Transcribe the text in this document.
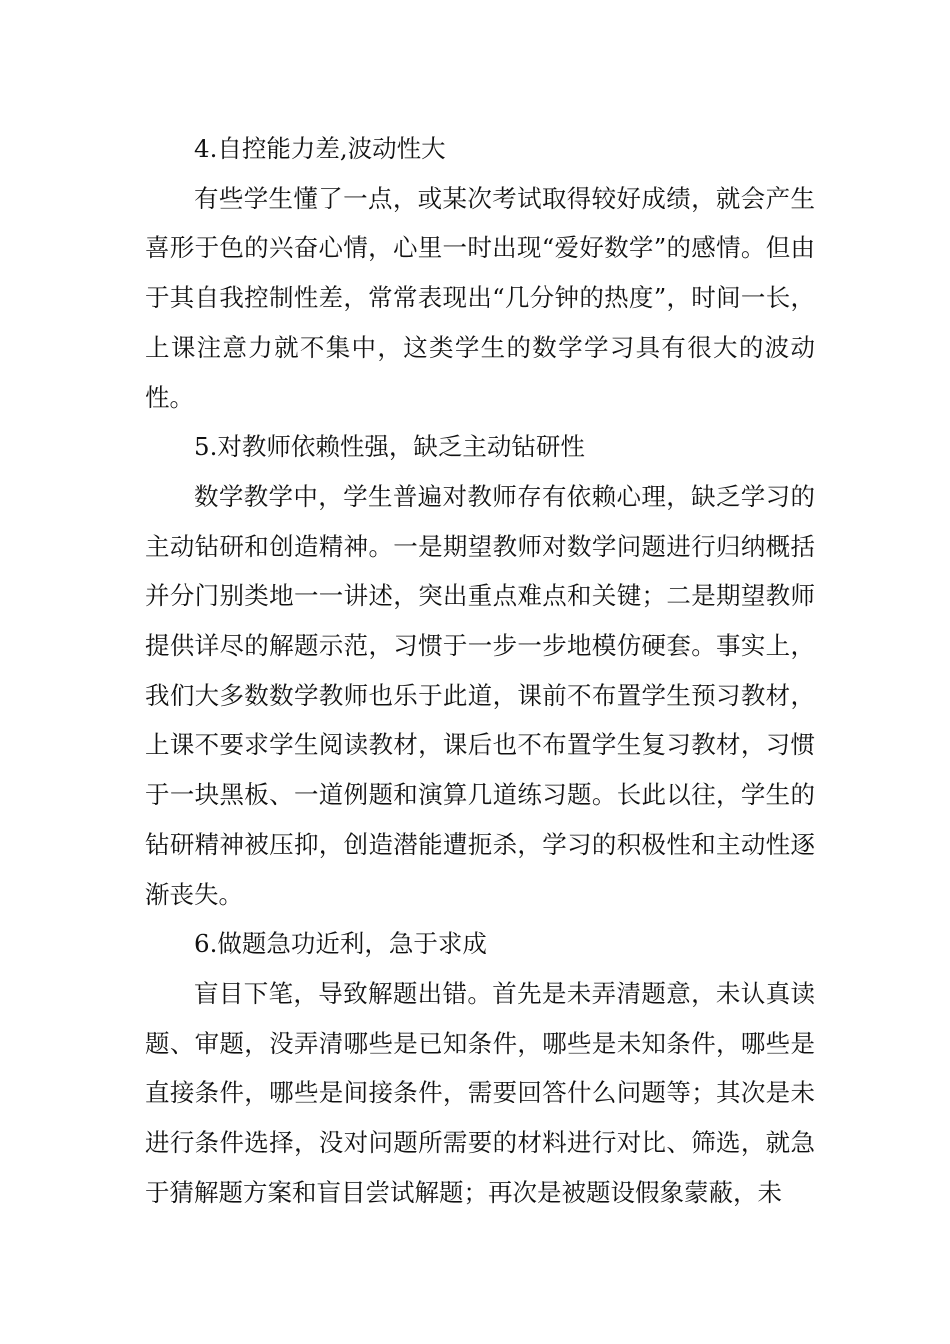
4.自控能力差,波动性大

有些学生懂了一点，或某次考试取得较好成绩，就会产生喜形于色的兴奋心情，心里一时出现“爱好数学”的感情。但由于其自我控制性差，常常表现出“几分钟的热度”，时间一长，上课注意力就不集中，这类学生的数学学习具有很大的波动性。

5.对教师依赖性强，缺乏主动钻研性

数学教学中，学生普遍对教师存有依赖心理，缺乏学习的主动钻研和创造精神。一是期望教师对数学问题进行归纳概括并分门别类地一一讲述，突出重点难点和关键；二是期望教师提供详尽的解题示范，习惯于一步一步地模仿硬套。事实上，我们大多数数学教师也乐于此道，课前不布置学生预习教材，上课不要求学生阅读教材，课后也不布置学生复习教材，习惯于一块黑板、一道例题和演算几道练习题。长此以往，学生的钻研精神被压抑，创造潜能遭扼杀，学习的积极性和主动性逐渐丧失。

6.做题急功近利，急于求成

盲目下笔，导致解题出错。首先是未弄清题意，未认真读题、审题，没弄清哪些是已知条件，哪些是未知条件，哪些是直接条件，哪些是间接条件，需要回答什么问题等；其次是未进行条件选择，没对问题所需要的材料进行对比、筛选，就急于猜解题方案和盲目尝试解题；再次是被题设假象蒙蔽，未
